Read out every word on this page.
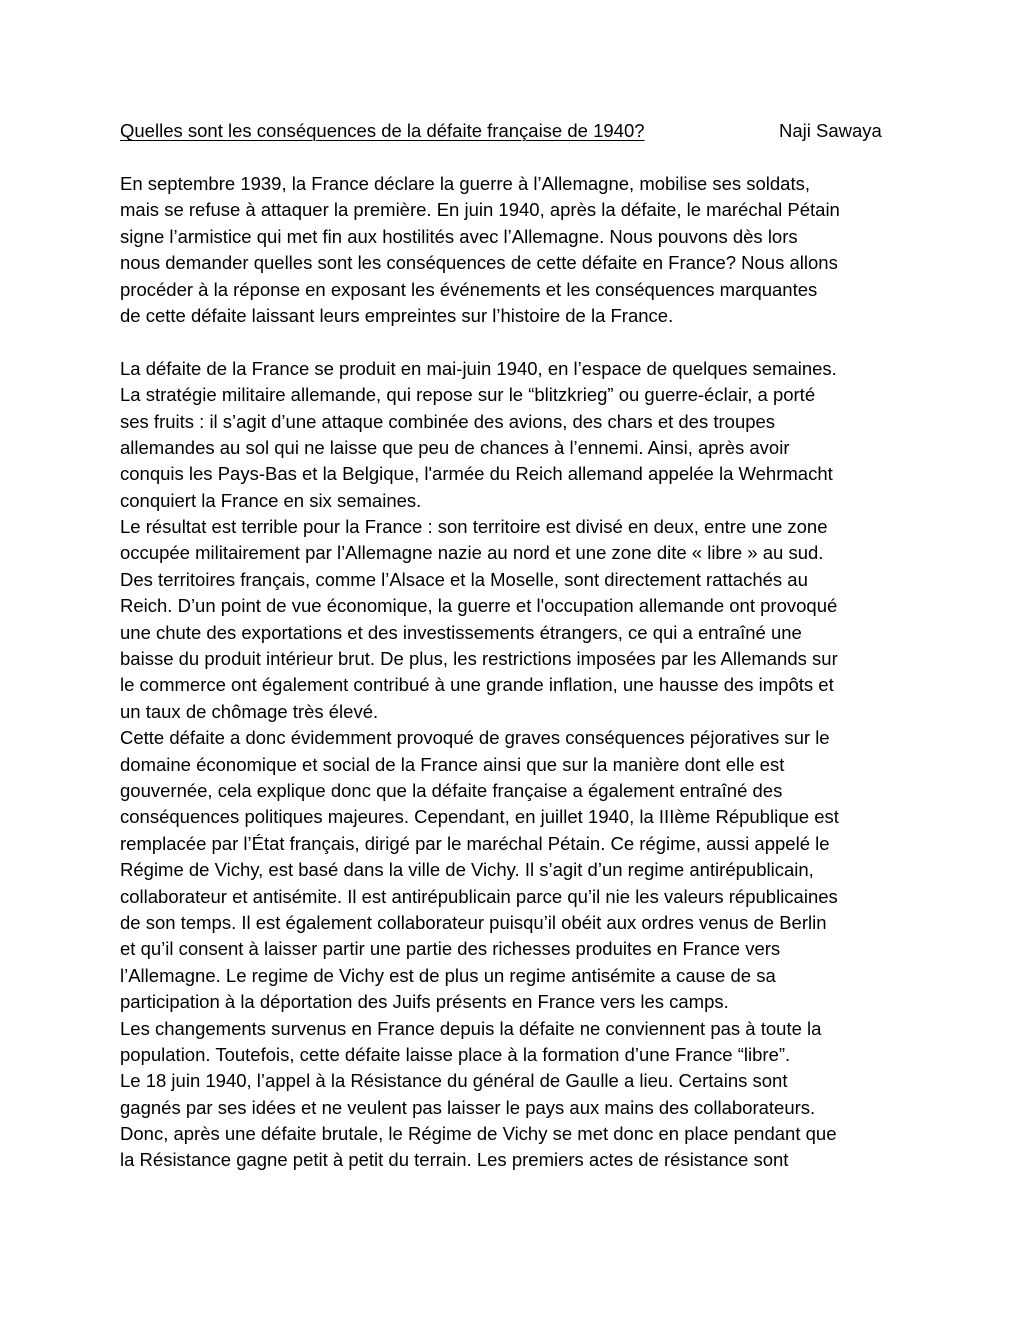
Quelles sont les conséquences de la défaite française de 1940?	Naji Sawaya

En septembre 1939, la France déclare la guerre à l’Allemagne, mobilise ses soldats,
mais se refuse à attaquer la première. En juin 1940, après la défaite, le maréchal Pétain
signe l’armistice qui met fin aux hostilités avec l’Allemagne. Nous pouvons dès lors
nous demander quelles sont les conséquences de cette défaite en France? Nous allons
procéder à la réponse en exposant les événements et les conséquences marquantes
de cette défaite laissant leurs empreintes sur l’histoire de la France.

La défaite de la France se produit en mai-juin 1940, en l’espace de quelques semaines.
La stratégie militaire allemande, qui repose sur le “blitzkrieg” ou guerre-éclair, a porté
ses fruits : il s’agit d’une attaque combinée des avions, des chars et des troupes
allemandes au sol qui ne laisse que peu de chances à l’ennemi. Ainsi, après avoir
conquis les Pays-Bas et la Belgique, l'armée du Reich allemand appelée la Wehrmacht
conquiert la France en six semaines.

Le résultat est terrible pour la France : son territoire est divisé en deux, entre une zone
occupée militairement par l’Allemagne nazie au nord et une zone dite « libre » au sud.
Des territoires français, comme l’Alsace et la Moselle, sont directement rattachés au
Reich. D’un point de vue économique, la guerre et l'occupation allemande ont provoqué
une chute des exportations et des investissements étrangers, ce qui a entraîné une
baisse du produit intérieur brut. De plus, les restrictions imposées par les Allemands sur
le commerce ont également contribué à une grande inflation, une hausse des impôts et
un taux de chômage très élevé.

Cette défaite a donc évidemment provoqué de graves conséquences péjoratives sur le
domaine économique et social de la France ainsi que sur la manière dont elle est
gouvernée, cela explique donc que la défaite française a également entraîné des
conséquences politiques majeures. Cependant, en juillet 1940, la IIIème République est
remplacée par l’État français, dirigé par le maréchal Pétain. Ce régime, aussi appelé le
Régime de Vichy, est basé dans la ville de Vichy. Il s’agit d’un regime antirépublicain,
collaborateur et antisémite. Il est antirépublicain parce qu’il nie les valeurs républicaines
de son temps. Il est également collaborateur puisqu’il obéit aux ordres venus de Berlin
et qu’il consent à laisser partir une partie des richesses produites en France vers
l’Allemagne. Le regime de Vichy est de plus un regime antisémite a cause de sa
participation à la déportation des Juifs présents en France vers les camps.

Les changements survenus en France depuis la défaite ne conviennent pas à toute la
population. Toutefois, cette défaite laisse place à la formation d’une France “libre”.

Le 18 juin 1940, l’appel à la Résistance du général de Gaulle a lieu. Certains sont
gagnés par ses idées et ne veulent pas laisser le pays aux mains des collaborateurs.
Donc, après une défaite brutale, le Régime de Vichy se met donc en place pendant que
la Résistance gagne petit à petit du terrain. Les premiers actes de résistance sont
